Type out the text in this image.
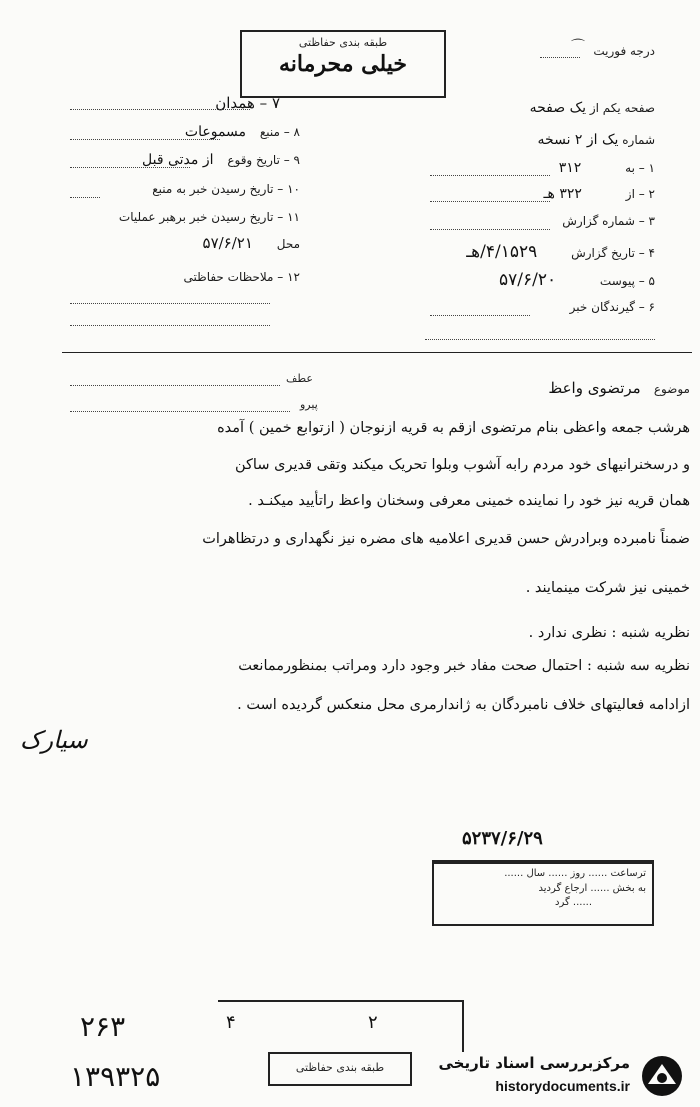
طبقه بندی حفاظتی
خیلی محرمانه	درجه فوریت
⌒
۷ – همدان	صفحه یکم از یک صفحه
شماره یک از ۲ نسخه
۱ – به ۳۱۲
۲ – از ۳۲۲ هـ
۳ – شماره گزارش
۴ – تاریخ گزارش ۴/۱۵۲۹/هـ
۵ – پیوست ۵۷/۶/۲۰
۶ – گیرندگان خبر
۸ – منبع مسموعات
۹ – تاریخ وقوع از مدتی قبل
۱۰ – تاریخ رسیدن خبر به منبع
۱۱ – تاریخ رسیدن خبر برهبر عملیات
محل ۵۷/۶/۲۱
۱۲ – ملاحظات حفاظتی
عطف
پیرو
موضوع مرتضوی واعظ
هرشب جمعه واعظی بنام مرتضوی ازقم به قریه ازنوجان ( ازتوابع خمین ) آمده
و درسخنرانیهای خود مردم رابه آشوب وبلوا تحریک میکند وتقی قدیری ساکن
همان قریه نیز خود را نماینده خمینی معرفی وسخنان واعظ راتأیید میکنـد .
ضمناً نامبرده وبرادرش حسن قدیری اعلامیه های مضره نیز نگهداری و درتظاهرات
خمینی نیز شرکت مینمایند .
نظریه شنبه : نظری ندارد .
نظریه سه شنبه : احتمال صحت مفاد خبر وجود دارد ومراتب بمنظورممانعت
ازادامه فعالیتهای خلاف نامبردگان به ژاندارمری محل منعکس گردیده است .
سیارک
۵۲۳۷/۶/۲۹
ترساعت ...... روز ...... سال ......
به بخش ...... ارجاع گردید
...... گرد
۲۶۳
۱۳۹۳۲۵
۴	۲
طبقه بندی حفاظتی	مرکزبررسی اسناد تاریخی
historydocuments.ir
